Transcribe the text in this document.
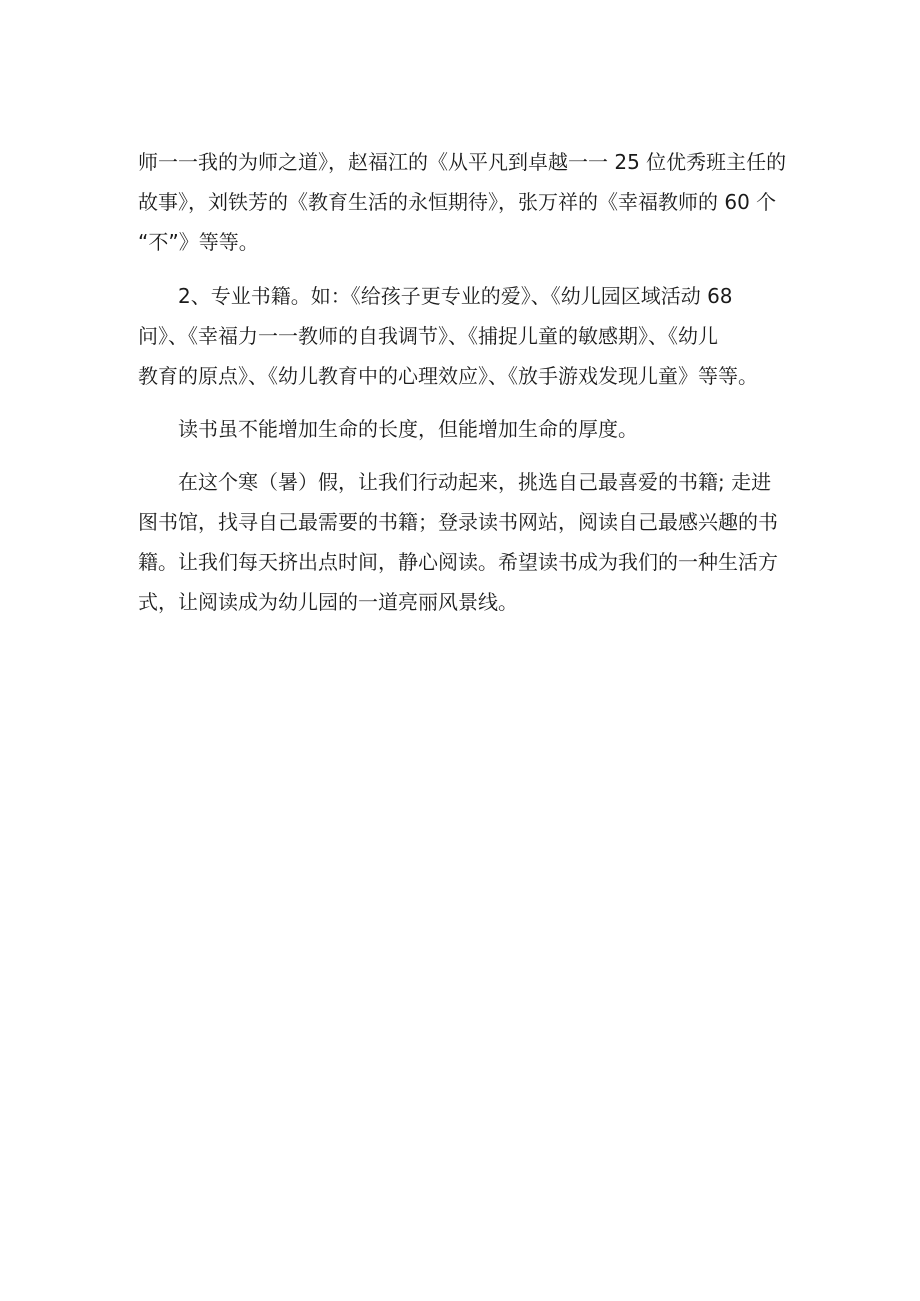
师一一我的为师之道》，赵福江的《从平凡到卓越一一 25 位优秀班主任的
故事》，刘铁芳的《教育生活的永恒期待》，张万祥的《幸福教师的 60 个
“不”》等等。
　　2、专业书籍。如：《给孩子更专业的爱》、《幼儿园区域活动 68
问》、《幸福力一一教师的自我调节》、《捕捉儿童的敏感期》、《幼儿
教育的原点》、《幼儿教育中的心理效应》、《放手游戏发现儿童》等等。
　　读书虽不能增加生命的长度，但能增加生命的厚度。
　　在这个寒（暑）假，让我们行动起来，挑选自己最喜爱的书籍; 走进
图书馆，找寻自己最需要的书籍；登录读书网站，阅读自己最感兴趣的书
籍。让我们每天挤出点时间，静心阅读。希望读书成为我们的一种生活方
式，让阅读成为幼儿园的一道亮丽风景线。
